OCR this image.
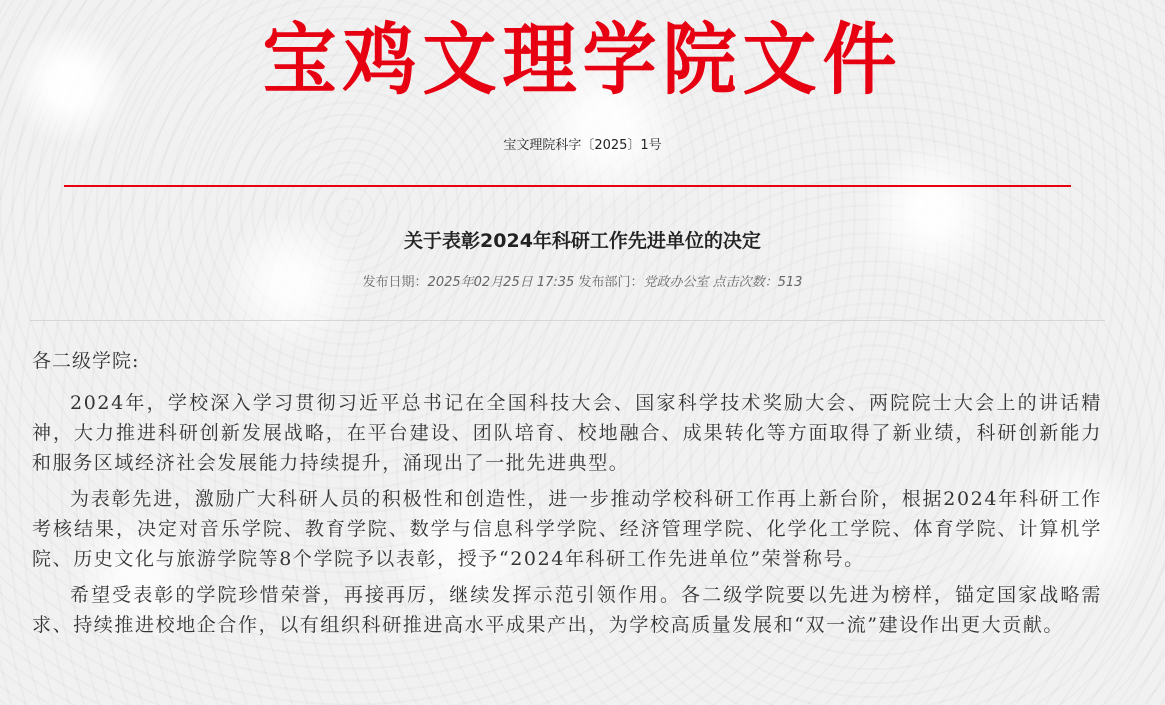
宝鸡文理学院文件
宝文理院科字〔2025〕1号
关于表彰2024年科研工作先进单位的决定
发布日期：2025年02月25日 17:35 发布部门：党政办公室 点击次数：513

各二级学院:

2024年，学校深入学习贯彻习近平总书记在全国科技大会、国家科学技术奖励大会、两院院士大会上的讲话精神，大力推进科研创新发展战略，在平台建设、团队培育、校地融合、成果转化等方面取得了新业绩，科研创新能力和服务区域经济社会发展能力持续提升，涌现出了一批先进典型。

为表彰先进，激励广大科研人员的积极性和创造性，进一步推动学校科研工作再上新台阶，根据2024年科研工作考核结果，决定对音乐学院、教育学院、数学与信息科学学院、经济管理学院、化学化工学院、体育学院、计算机学院、历史文化与旅游学院等8个学院予以表彰，授予“2024年科研工作先进单位”荣誉称号。

希望受表彰的学院珍惜荣誉，再接再厉，继续发挥示范引领作用。各二级学院要以先进为榜样，锚定国家战略需求、持续推进校地企合作，以有组织科研推进高水平成果产出，为学校高质量发展和“双一流”建设作出更大贡献。
